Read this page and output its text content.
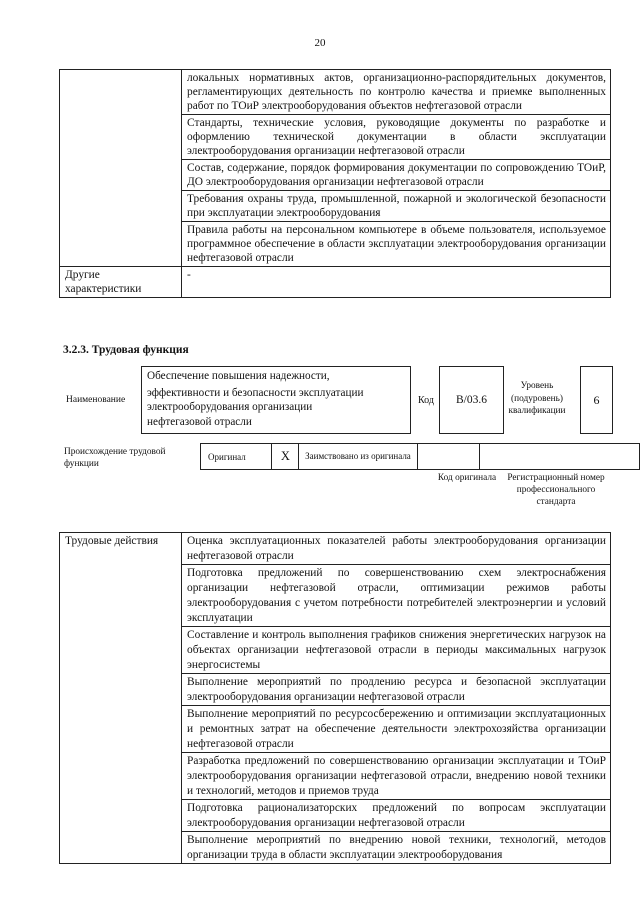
20
	локальных нормативных актов, организационно-распорядительных документов, регламентирующих деятельность по контролю качества и приемке выполненных работ по ТОиР электрооборудования объектов нефтегазовой отрасли
	Стандарты, технические условия, руководящие документы по разработке и оформлению технической документации в области эксплуатации электрооборудования организации нефтегазовой отрасли
	Состав, содержание, порядок формирования документации по сопровождению ТОиР, ДО электрооборудования организации нефтегазовой отрасли
	Требования охраны труда, промышленной, пожарной и экологической безопасности при эксплуатации электрооборудования
	Правила работы на персональном компьютере в объеме пользователя, используемое программное обеспечение в области эксплуатации электрооборудования организации нефтегазовой отрасли
Другие характеристики	-
3.2.3. Трудовая функция
Наименование
Обеспечение повышения надежности,
эффективности и безопасности эксплуатации
электрооборудования организации
нефтегазовой отрасли
Код	B/03.6
Уровень (подуровень) квалификации
6
Происхождение трудовой функции
Оригинал	X	Заимствовано из оригинала		
Код оригинала Регистрационный номер профессионального стандарта
Трудовые действия	Оценка эксплуатационных показателей работы электрооборудования организации нефтегазовой отрасли
Подготовка предложений по совершенствованию схем электроснабжения организации нефтегазовой отрасли, оптимизации режимов работы электрооборудования с учетом потребности потребителей электроэнергии и условий эксплуатации
Составление и контроль выполнения графиков снижения энергетических нагрузок на объектах организации нефтегазовой отрасли в периоды максимальных нагрузок энергосистемы
Выполнение мероприятий по продлению ресурса и безопасной эксплуатации электрооборудования организации нефтегазовой отрасли
Выполнение мероприятий по ресурсосбережению и оптимизации эксплуатационных и ремонтных затрат на обеспечение деятельности электрохозяйства организации нефтегазовой отрасли
Разработка предложений по совершенствованию организации эксплуатации и ТОиР электрооборудования организации нефтегазовой отрасли, внедрению новой техники и технологий, методов и приемов труда
Подготовка рационализаторских предложений по вопросам эксплуатации электрооборудования организации нефтегазовой отрасли
Выполнение мероприятий по внедрению новой техники, технологий, методов организации труда в области эксплуатации электрооборудования
